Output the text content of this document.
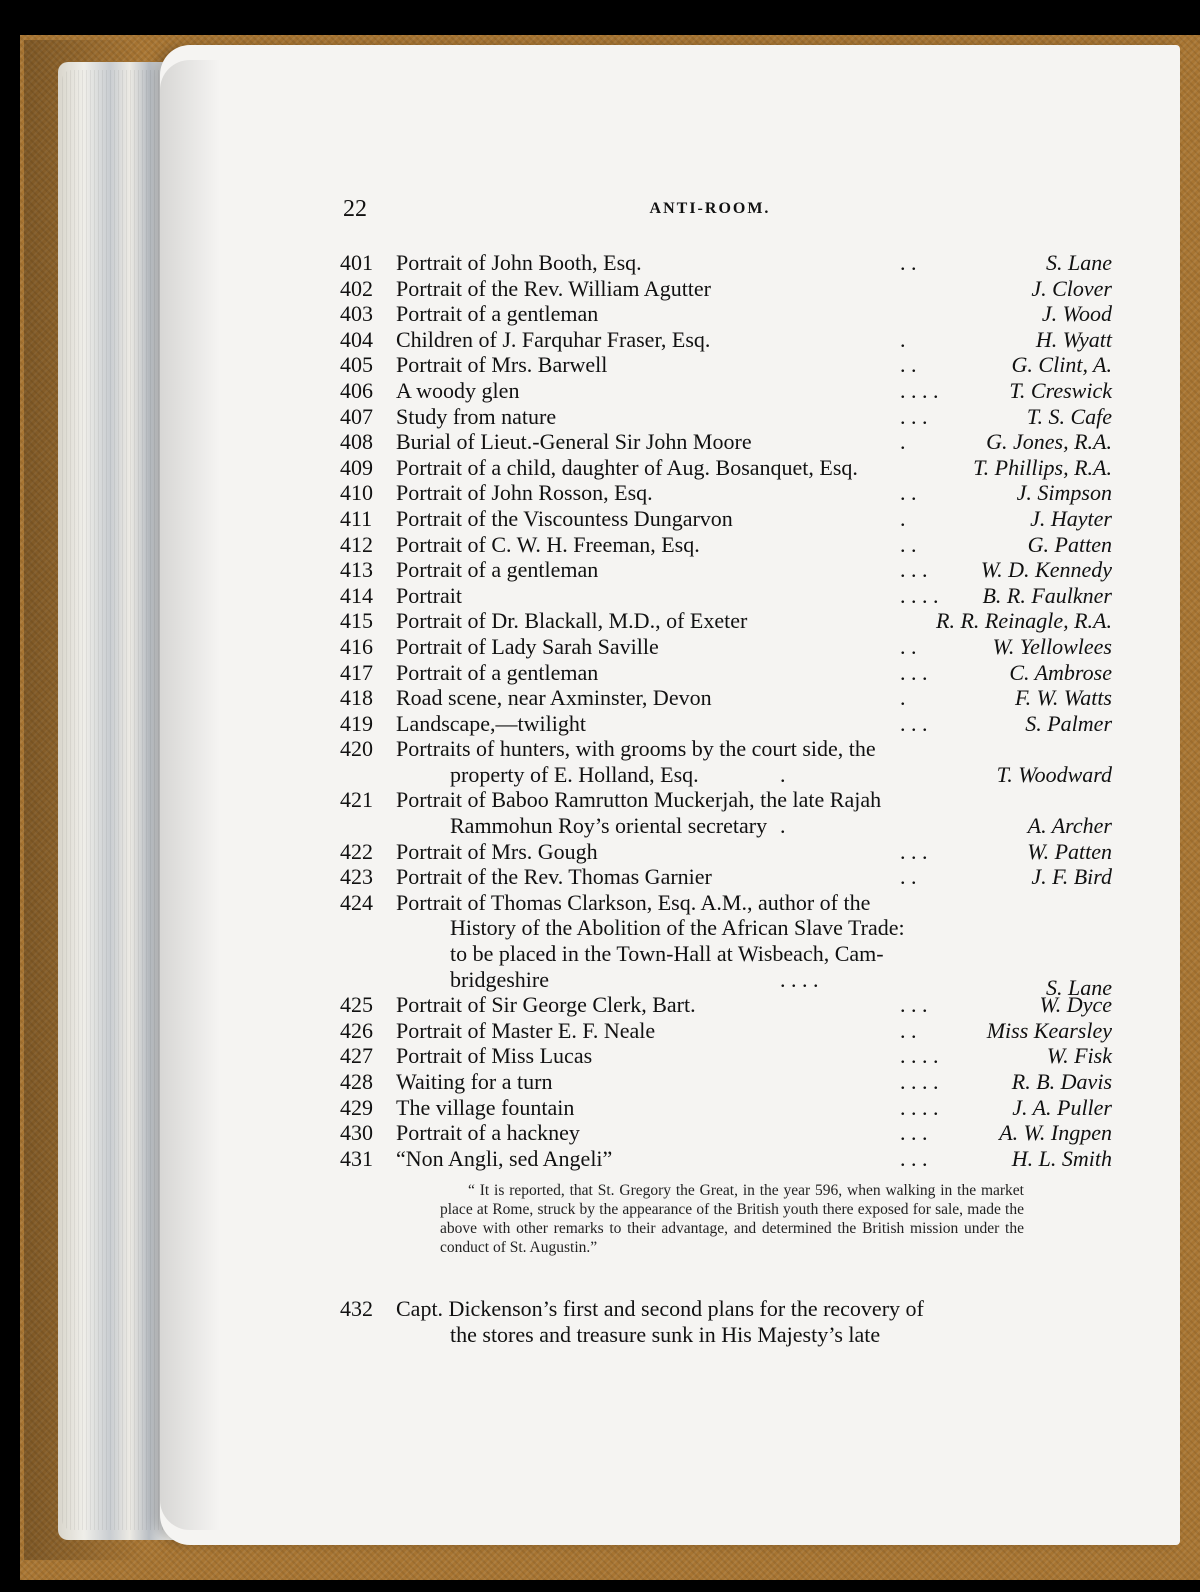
22	ANTI-ROOM.
401	Portrait of John Booth, Esq.	S. Lane
. .
402	Portrait of the Rev. William Agutter	J. Clover
403	Portrait of a gentleman	J. Wood
404	Children of J. Farquhar Fraser, Esq.	H. Wyatt
.
405	Portrait of Mrs. Barwell	G. Clint, A.
. .
406	A woody glen	T. Creswick
. . . .
407	Study from nature	T. S. Cafe
. . .
408	Burial of Lieut.-General Sir John Moore	G. Jones, R.A.
.
409	Portrait of a child, daughter of Aug. Bosanquet, Esq.	T. Phillips, R.A.
410	Portrait of John Rosson, Esq.	J. Simpson
. .
411	Portrait of the Viscountess Dungarvon	J. Hayter
.
412	Portrait of C. W. H. Freeman, Esq.	G. Patten
. .
413	Portrait of a gentleman	W. D. Kennedy
. . .
414	Portrait	B. R. Faulkner
. . . .
415	Portrait of Dr. Blackall, M.D., of Exeter	R. R. Reinagle, R.A.
416	Portrait of Lady Sarah Saville	W. Yellowlees
. .
417	Portrait of a gentleman	C. Ambrose
. . .
418	Road scene, near Axminster, Devon	F. W. Watts
.
419	Landscape,—twilight	S. Palmer
. . .
420	Portraits of hunters, with grooms by the court side, the
property of E. Holland, Esq.	.	T. Woodward
421	Portrait of Baboo Ramrutton Muckerjah, the late Rajah
Rammohun Roy’s oriental secretary .	A. Archer
422	Portrait of Mrs. Gough	W. Patten
. . .
423	Portrait of the Rev. Thomas Garnier	J. F. Bird
. .
424	Portrait of Thomas Clarkson, Esq. A.M., author of the
History of the Abolition of the African Slave Trade:
to be placed in the Town-Hall at Wisbeach, Cam-
bridgeshire	. . . .	S. Lane
425	Portrait of Sir George Clerk, Bart.	W. Dyce
. . .
426	Portrait of Master E. F. Neale	Miss Kearsley
. .
427	Portrait of Miss Lucas	W. Fisk
. . . .
428	Waiting for a turn	R. B. Davis
. . . .
429	The village fountain	J. A. Puller
. . . .
430	Portrait of a hackney	A. W. Ingpen
. . .
431	“Non Angli, sed Angeli”	H. L. Smith
. . .

“ It is reported, that St. Gregory the Great, in the year 596, when walking in the market place at Rome, struck by the appearance of the British youth there exposed for sale, made the above with other remarks to their advantage, and determined the British mission under the conduct of St. Augustin.”

432	Capt. Dickenson’s first and second plans for the recovery of
the stores and treasure sunk in His Majesty’s late
